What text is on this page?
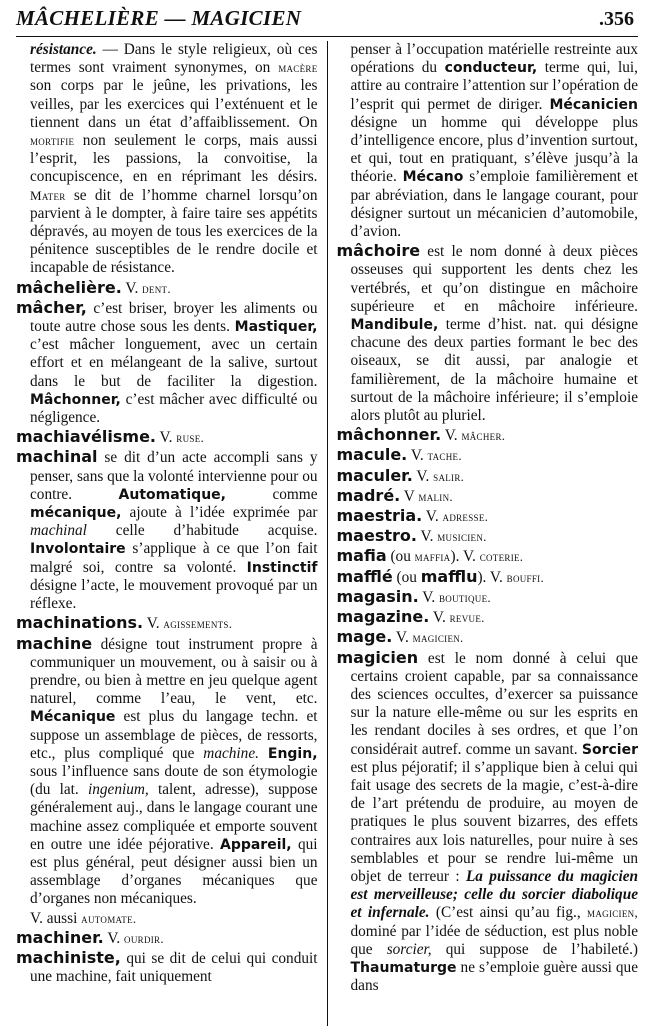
MÂCHELIÈRE — MAGICIEN	.356

résistance. — Dans le style religieux, où ces termes sont vraiment synonymes, on macère son corps par le jeûne, les privations, les veilles, par les exercices qui l’exténuent et le tiennent dans un état d’affaiblissement. On mortifie non seulement le corps, mais aussi l’esprit, les passions, la convoitise, la concupiscence, en en réprimant les désirs. Mater se dit de l’homme charnel lorsqu’on parvient à le dompter, à faire taire ses appétits dépravés, au moyen de tous les exercices de la pénitence susceptibles de le rendre docile et incapable de résistance.

mâchelière. V. dent.

mâcher, c’est briser, broyer les aliments ou toute autre chose sous les dents. Mastiquer, c’est mâcher longuement, avec un certain effort et en mélangeant de la salive, surtout dans le but de faciliter la digestion. Mâchonner, c’est mâcher avec difficulté ou négligence.

machiavélisme. V. ruse.

machinal se dit d’un acte accompli sans y penser, sans que la volonté intervienne pour ou contre. Automatique, comme mécanique, ajoute à l’idée exprimée par machinal celle d’habitude acquise. Involontaire s’applique à ce que l’on fait malgré soi, contre sa volonté. Instinctif désigne l’acte, le mouvement provoqué par un réflexe.

machinations. V. agissements.

machine désigne tout instrument propre à communiquer un mouvement, ou à saisir ou à prendre, ou bien à mettre en jeu quelque agent naturel, comme l’eau, le vent, etc. Mécanique est plus du langage techn. et suppose un assemblage de pièces, de ressorts, etc., plus compliqué que machine. Engin, sous l’influence sans doute de son étymologie (du lat. ingenium, talent, adresse), suppose généralement auj., dans le langage courant une machine assez compliquée et emporte souvent en outre une idée péjorative. Appareil, qui est plus général, peut désigner aussi bien un assemblage d’organes mécaniques que d’organes non mécaniques.

V. aussi automate.

machiner. V. ourdir.

machiniste, qui se dit de celui qui conduit une machine, fait uniquement

penser à l’occupation matérielle restreinte aux opérations du conducteur, terme qui, lui, attire au contraire l’attention sur l’opération de l’esprit qui permet de diriger. Mécanicien désigne un homme qui développe plus d’intelligence encore, plus d’invention surtout, et qui, tout en pratiquant, s’élève jusqu’à la théorie. Mécano s’emploie familièrement et par abréviation, dans le langage courant, pour désigner surtout un mécanicien d’automobile, d’avion.

mâchoire est le nom donné à deux pièces osseuses qui supportent les dents chez les vertébrés, et qu’on distingue en mâchoire supérieure et en mâchoire inférieure. Mandibule, terme d’hist. nat. qui désigne chacune des deux parties formant le bec des oiseaux, se dit aussi, par analogie et familièrement, de la mâchoire humaine et surtout de la mâchoire inférieure; il s’emploie alors plutôt au pluriel.

mâchonner. V. mâcher.

macule. V. tache.

maculer. V. salir.

madré. V malin.

maestria. V. adresse.

maestro. V. musicien.

mafia (ou maffia). V. coterie.

mafflé (ou mafflu). V. bouffi.

magasin. V. boutique.

magazine. V. revue.

mage. V. magicien.

magicien est le nom donné à celui que certains croient capable, par sa connaissance des sciences occultes, d’exercer sa puissance sur la nature elle-même ou sur les esprits en les rendant dociles à ses ordres, et que l’on considérait autref. comme un savant. Sorcier est plus péjoratif; il s’applique bien à celui qui fait usage des secrets de la magie, c’est-à-dire de l’art prétendu de produire, au moyen de pratiques le plus souvent bizarres, des effets contraires aux lois naturelles, pour nuire à ses semblables et pour se rendre lui-même un objet de terreur : La puissance du magicien est merveilleuse; celle du sorcier diabolique et infernale. (C’est ainsi qu’au fig., magicien, dominé par l’idée de séduction, est plus noble que sorcier, qui suppose de l’habileté.) Thaumaturge ne s’emploie guère aussi que dans
